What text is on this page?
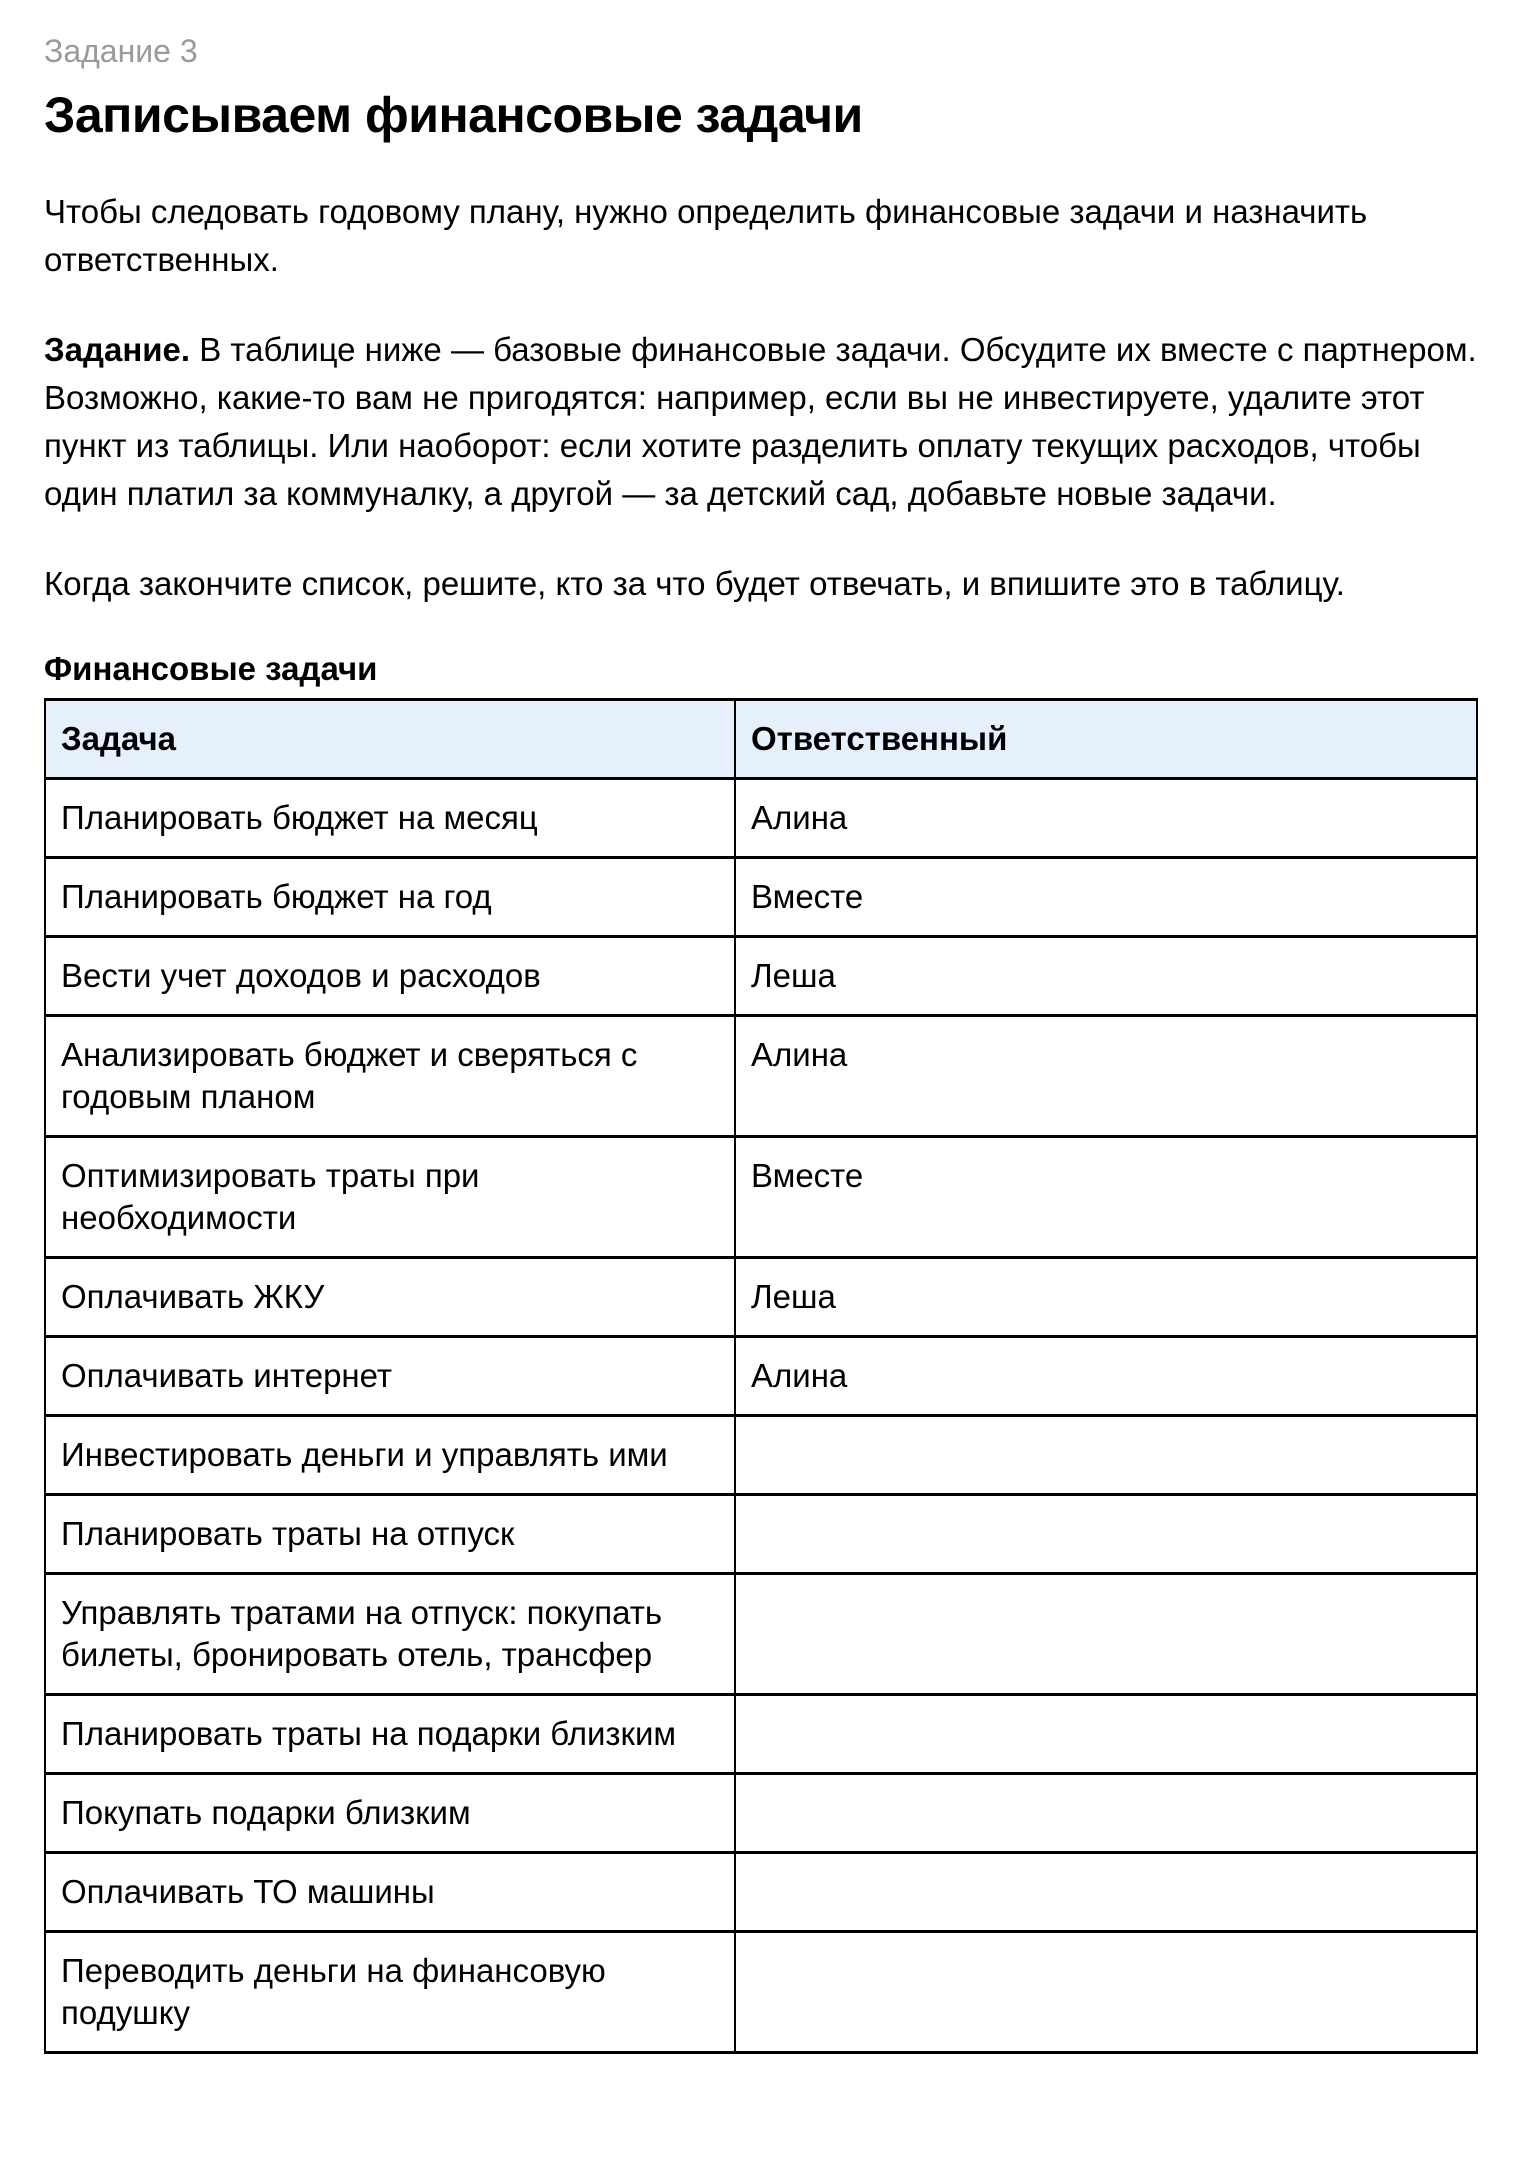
Задание 3
Записываем финансовые задачи

Чтобы следовать годовому плану, нужно определить финансовые задачи и назначить ответственных.

Задание. В таблице ниже — базовые финансовые задачи. Обсудите их вместе с партнером. Возможно, какие-то вам не пригодятся: например, если вы не инвестируете, удалите этот пункт из таблицы. Или наоборот: если хотите разделить оплату текущих расходов, чтобы один платил за коммуналку, а другой — за детский сад, добавьте новые задачи.

Когда закончите список, решите, кто за что будет отвечать, и впишите это в таблицу.

Финансовые задачи
Задача	Ответственный
Планировать бюджет на месяц	Алина
Планировать бюджет на год	Вместе
Вести учет доходов и расходов	Леша
Анализировать бюджет и сверяться с годовым планом	Алина
Оптимизировать траты при необходимости	Вместе
Оплачивать ЖКУ	Леша
Оплачивать интернет	Алина
Инвестировать деньги и управлять ими	
Планировать траты на отпуск	
Управлять тратами на отпуск: покупать билеты, бронировать отель, трансфер	
Планировать траты на подарки близким	
Покупать подарки близким	
Оплачивать ТО машины	
Переводить деньги на финансовую подушку	
